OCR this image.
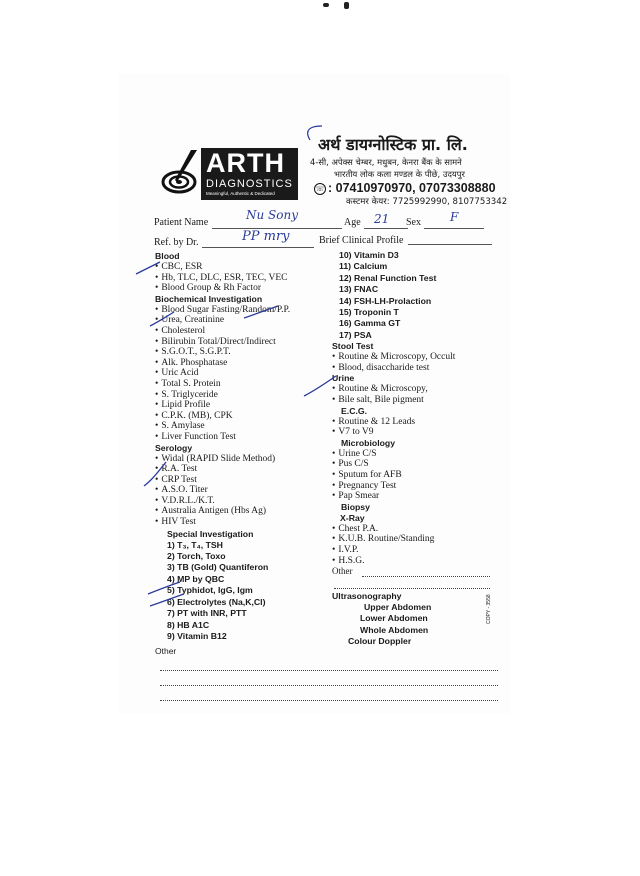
ARTH
DIAGNOSTICS
Meaningful, Authentic & Dedicated
अर्थ डायग्नोस्टिक प्रा. लि.
4-सी, अपेक्स चेम्बर, मधुबन, केनरा बैंक के सामने
भारतीय लोक कला मण्डल के पीछे, उदयपुर
☏ : 07410970970, 07073308880
कस्टमर केयर: 7725992990, 8107753342
Patient Name
Nu Sony
Age 21 Sex F
Ref. by Dr.	PP mry	Brief Clinical Profile
Blood
• CBC, ESR
• Hb, TLC, DLC, ESR, TEC, VEC
• Blood Group & Rh Factor
Biochemical Investigation
• Blood Sugar Fasting/Random/P.P.
• Urea, Creatinine
• Cholesterol
• Bilirubin Total/Direct/Indirect
• S.G.O.T., S.G.P.T.
• Alk. Phosphatase
• Uric Acid
• Total S. Protein
• S. Triglyceride
• Lipid Profile
• C.P.K. (MB), CPK
• S. Amylase
• Liver Function Test
Serology
• Widal (RAPID Slide Method)
• R.A. Test
• CRP Test
• A.S.O. Titer
• V.D.R.L./K.T.
• Australia Antigen (Hbs Ag)
• HIV Test
Special Investigation
1) T₃, T₄, TSH
2) Torch, Toxo
3) TB (Gold) Quantiferon
4) MP by QBC
5) Typhidot, IgG, Igm
6) Electrolytes (Na,K,Cl)
7) PT with INR, PTT
8) HB A1C
9) Vitamin B12
Other
10) Vitamin D3
11) Calcium
12) Renal Function Test
13) FNAC
14) FSH-LH-Prolaction
15) Troponin T
16) Gamma GT
17) PSA
Stool Test
• Routine & Microscopy, Occult
• Blood, disaccharide test
Urine
• Routine & Microscopy,
• Bile salt, Bile pigment
E.C.G.
• Routine & 12 Leads
• V7 to V9
Microbiology
• Urine C/S
• Pus C/S
• Sputum for AFB
• Pregnancy Test
• Pap Smear
Biopsy
X-Ray
• Chest P.A.
• K.U.B. Routine/Standing
• I.V.P.
• H.S.G.
Other
Ultrasonography
Upper Abdomen
Lower Abdomen
Whole Abdomen
Colour Doppler
COPY - 3558
